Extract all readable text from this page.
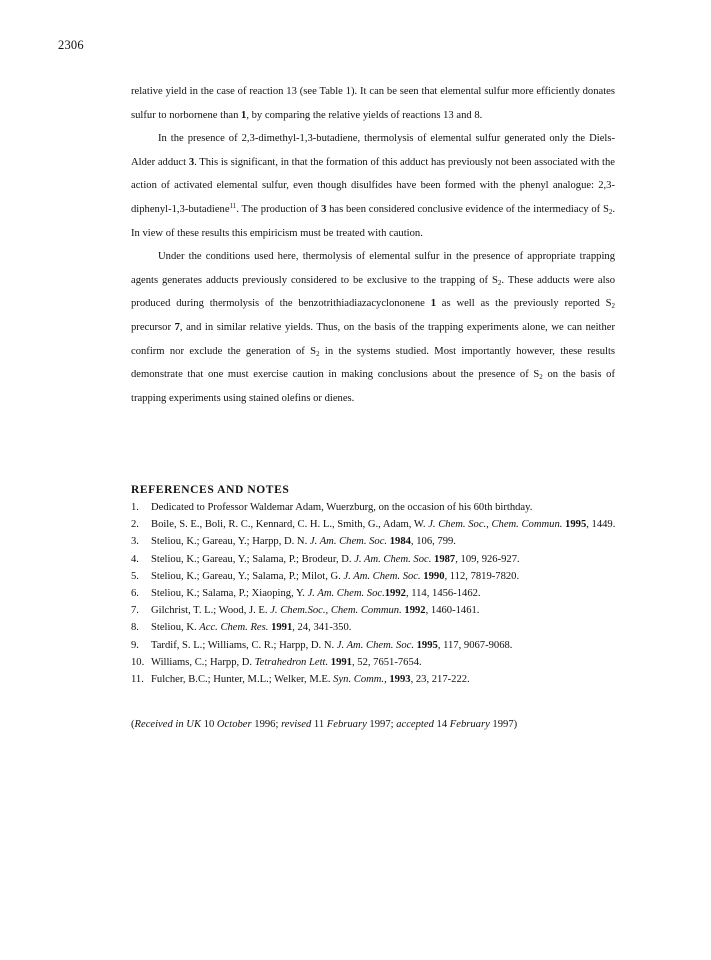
2306

relative yield in the case of reaction 13 (see Table 1). It can be seen that elemental sulfur more efficiently donates sulfur to norbornene than 1, by comparing the relative yields of reactions 13 and 8.

In the presence of 2,3-dimethyl-1,3-butadiene, thermolysis of elemental sulfur generated only the Diels-Alder adduct 3. This is significant, in that the formation of this adduct has previously not been associated with the action of activated elemental sulfur, even though disulfides have been formed with the phenyl analogue: 2,3-diphenyl-1,3-butadiene$^{11}$. The production of 3 has been considered conclusive evidence of the intermediacy of $S_2$. In view of these results this empiricism must be treated with caution.

Under the conditions used here, thermolysis of elemental sulfur in the presence of appropriate trapping agents generates adducts previously considered to be exclusive to the trapping of $S_2$. These adducts were also produced during thermolysis of the benzotrithiadiazacyclononene 1 as well as the previously reported $S_2$ precursor 7, and in similar relative yields. Thus, on the basis of the trapping experiments alone, we can neither confirm nor exclude the generation of $S_2$ in the systems studied. Most importantly however, these results demonstrate that one must exercise caution in making conclusions about the presence of $S_2$ on the basis of trapping experiments using stained olefins or dienes.

REFERENCES AND NOTES
1.	Dedicated to Professor Waldemar Adam, Wuerzburg, on the occasion of his 60th birthday.
2.	Boile, S. E., Boli, R. C., Kennard, C. H. L., Smith, G., Adam, W. J. Chem. Soc., Chem. Commun. 1995, 1449.
3.	Steliou, K.; Gareau, Y.; Harpp, D. N. J. Am. Chem. Soc. 1984, 106, 799.
4.	Steliou, K.; Gareau, Y.; Salama, P.; Brodeur, D. J. Am. Chem. Soc. 1987, 109, 926-927.
5.	Steliou, K.; Gareau, Y.; Salama, P.; Milot, G. J. Am. Chem. Soc. 1990, 112, 7819-7820.
6.	Steliou, K.; Salama, P.; Xiaoping, Y. J. Am. Chem. Soc.1992, 114, 1456-1462.
7.	Gilchrist, T. L.; Wood, J. E. J. Chem.Soc., Chem. Commun. 1992, 1460-1461.
8.	Steliou, K. Acc. Chem. Res. 1991, 24, 341-350.
9.	Tardif, S. L.; Williams, C. R.; Harpp, D. N. J. Am. Chem. Soc. 1995, 117, 9067-9068.
10. Williams, C.; Harpp, D. Tetrahedron Lett. 1991, 52, 7651-7654.
11. Fulcher, B.C.; Hunter, M.L.; Welker, M.E. Syn. Comm., 1993, 23, 217-222.
(Received in UK 10 October 1996; revised 11 February 1997; accepted 14 February 1997)
